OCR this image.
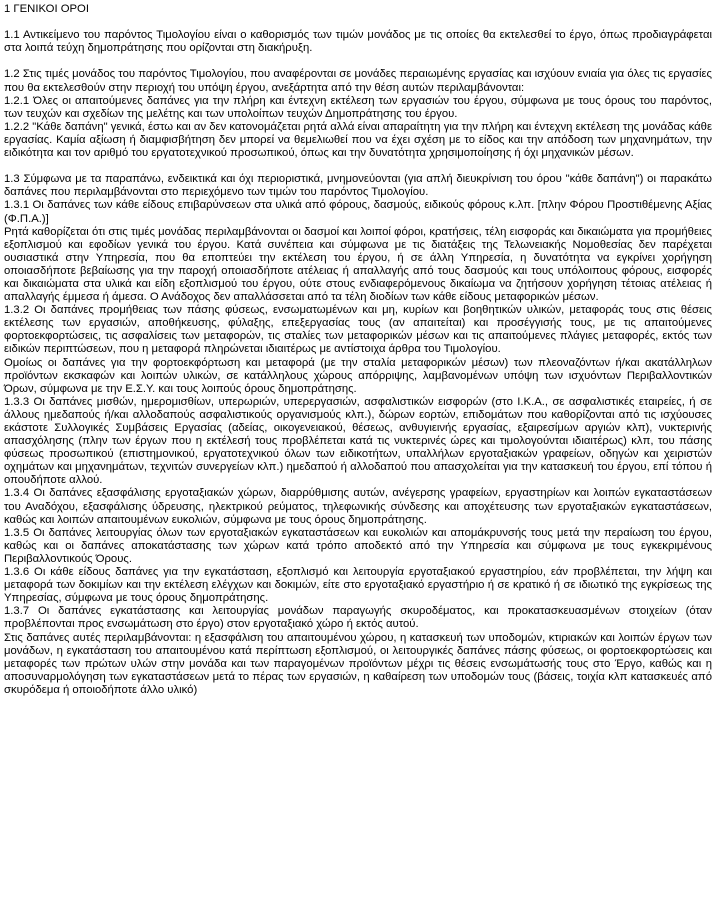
1 ΓΕΝΙΚΟΙ ΟΡΟΙ

1.1 Αντικείμενο του παρόντος Τιμολογίου είναι ο καθορισμός των τιμών μονάδος με τις οποίες θα εκτελεσθεί το έργο, όπως προδιαγράφεται στα λοιπά τεύχη δημοπράτησης που ορίζονται στη διακήρυξη.

1.2 Στις τιμές μονάδος του παρόντος Τιμολογίου, που αναφέρονται σε μονάδες περαιωμένης εργασίας και ισχύουν ενιαία για όλες τις εργασίες που θα εκτελεσθούν στην περιοχή του υπόψη έργου, ανεξάρτητα από την θέση αυτών περιλαμβάνονται:

1.2.1 Όλες οι απαιτούμενες δαπάνες για την πλήρη και έντεχνη εκτέλεση των εργασιών του έργου, σύμφωνα με τους όρους του παρόντος, των τευχών και σχεδίων της μελέτης και των υπολοίπων τευχών Δημοπράτησης του έργου.

1.2.2 "Κάθε δαπάνη" γενικά, έστω και αν δεν κατονομάζεται ρητά αλλά είναι απαραίτητη για την πλήρη και έντεχνη εκτέλεση της μονάδας κάθε εργασίας. Καμία αξίωση ή διαμφισβήτηση δεν μπορεί να θεμελιωθεί που να έχει σχέση με το είδος και την απόδοση των μηχανημάτων, την ειδικότητα και τον αριθμό του εργατοτεχνικού προσωπικού, όπως και την δυνατότητα χρησιμοποίησης ή όχι μηχανικών μέσων.

1.3 Σύμφωνα με τα παραπάνω, ενδεικτικά και όχι περιοριστικά, μνημονεύονται (για απλή διευκρίνιση του όρου "κάθε δαπάνη") οι παρακάτω δαπάνες που περιλαμβάνονται στο περιεχόμενο των τιμών του παρόντος Τιμολογίου.

1.3.1 Οι δαπάνες των κάθε είδους επιβαρύνσεων στα υλικά από φόρους, δασμούς, ειδικούς φόρους κ.λπ. [πλην Φόρου Προστιθέμενης Αξίας (Φ.Π.Α.)]

Ρητά καθορίζεται ότι στις τιμές μονάδας περιλαμβάνονται οι δασμοί και λοιποί φόροι, κρατήσεις, τέλη εισφοράς και δικαιώματα για προμήθειες εξοπλισμού και εφοδίων γενικά του έργου. Κατά συνέπεια και σύμφωνα με τις διατάξεις της Τελωνειακής Νομοθεσίας δεν παρέχεται ουσιαστικά στην Υπηρεσία, που θα εποπτεύει την εκτέλεση του έργου, ή σε άλλη Υπηρεσία, η δυνατότητα να εγκρίνει χορήγηση οποιασδήποτε βεβαίωσης για την παροχή οποιασδήποτε ατέλειας ή απαλλαγής από τους δασμούς και τους υπόλοιπους φόρους, εισφορές και δικαιώματα στα υλικά και είδη εξοπλισμού του έργου, ούτε στους ενδιαφερόμενους δικαίωμα να ζητήσουν χορήγηση τέτοιας ατέλειας ή απαλλαγής έμμεσα ή άμεσα. Ο Ανάδοχος δεν απαλλάσσεται από τα τέλη διοδίων των κάθε είδους μεταφορικών μέσων.

1.3.2 Οι δαπάνες προμήθειας των πάσης φύσεως, ενσωματωμένων και μη, κυρίων και βοηθητικών υλικών, μεταφοράς τους στις θέσεις εκτέλεσης των εργασιών, αποθήκευσης, φύλαξης, επεξεργασίας τους (αν απαιτείται) και προσέγγισής τους, με τις απαιτούμενες φορτοεκφορτώσεις, τις ασφαλίσεις των μεταφορών, τις σταλίες των μεταφορικών μέσων και τις απαιτούμενες πλάγιες μεταφορές, εκτός των ειδικών περιπτώσεων, που η μεταφορά πληρώνεται ιδιαιτέρως με αντίστοιχα άρθρα του Τιμολογίου.

Ομοίως οι δαπάνες για την φορτοεκφόρτωση και μεταφορά (με την σταλία μεταφορικών μέσων) των πλεοναζόντων ή/και ακατάλληλων προϊόντων εκσκαφών και λοιπών υλικών, σε κατάλληλους χώρους απόρριψης, λαμβανομένων υπόψη των ισχυόντων Περιβαλλοντικών Όρων, σύμφωνα με την Ε.Σ.Υ. και τους λοιπούς όρους δημοπράτησης.

1.3.3 Οι δαπάνες μισθών, ημερομισθίων, υπερωριών, υπερεργασιών, ασφαλιστικών εισφορών (στο Ι.Κ.Α., σε ασφαλιστικές εταιρείες, ή σε άλλους ημεδαπούς ή/και αλλοδαπούς ασφαλιστικούς οργανισμούς κλπ.), δώρων εορτών, επιδομάτων που καθορίζονται από τις ισχύουσες εκάστοτε Συλλογικές Συμβάσεις Εργασίας (αδείας, οικογενειακού, θέσεως, ανθυγιεινής εργασίας, εξαιρεσίμων αργιών κλπ), νυκτερινής απασχόλησης (πλην των έργων που η εκτέλεσή τους προβλέπεται κατά τις νυκτερινές ώρες και τιμολογούνται ιδιαιτέρως) κλπ, του πάσης φύσεως προσωπικού (επιστημονικού, εργατοτεχνικού όλων των ειδικοτήτων, υπαλλήλων εργοταξιακών γραφείων, οδηγών και χειριστών οχημάτων και μηχανημάτων, τεχνιτών συνεργείων κλπ.) ημεδαπού ή αλλοδαπού που απασχολείται για την κατασκευή του έργου, επί τόπου ή οπουδήποτε αλλού.

1.3.4 Οι δαπάνες εξασφάλισης εργοταξιακών χώρων, διαρρύθμισης αυτών, ανέγερσης γραφείων, εργαστηρίων και λοιπών εγκαταστάσεων του Αναδόχου, εξασφάλισης ύδρευσης, ηλεκτρικού ρεύματος, τηλεφωνικής σύνδεσης και αποχέτευσης των εργοταξιακών εγκαταστάσεων, καθώς και λοιπών απαιτουμένων ευκολιών, σύμφωνα με τους όρους δημοπράτησης.

1.3.5 Οι δαπάνες λειτουργίας όλων των εργοταξιακών εγκαταστάσεων και ευκολιών και απομάκρυνσής τους μετά την περαίωση του έργου, καθώς και οι δαπάνες αποκατάστασης των χώρων κατά τρόπο αποδεκτό από την Υπηρεσία και σύμφωνα με τους εγκεκριμένους Περιβαλλοντικούς Όρους.

1.3.6 Οι κάθε είδους δαπάνες για την εγκατάσταση, εξοπλισμό και λειτουργία εργοταξιακού εργαστηρίου, εάν προβλέπεται, την λήψη και μεταφορά των δοκιμίων και την εκτέλεση ελέγχων και δοκιμών, είτε στο εργοταξιακό εργαστήριο ή σε κρατικό ή σε ιδιωτικό της εγκρίσεως της Υπηρεσίας, σύμφωνα με τους όρους δημοπράτησης.

1.3.7 Οι δαπάνες εγκατάστασης και λειτουργίας μονάδων παραγωγής σκυροδέματος, και προκατασκευασμένων στοιχείων (όταν προβλέπονται προς ενσωμάτωση στο έργο) στον εργοταξιακό χώρο ή εκτός αυτού.

Στις δαπάνες αυτές περιλαμβάνονται: η εξασφάλιση του απαιτουμένου χώρου, η κατασκευή των υποδομών, κτιριακών και λοιπών έργων των μονάδων, η εγκατάσταση του απαιτουμένου κατά περίπτωση εξοπλισμού, οι λειτουργικές δαπάνες πάσης φύσεως, οι φορτοεκφορτώσεις και μεταφορές των πρώτων υλών στην μονάδα και των παραγομένων προϊόντων μέχρι τις θέσεις ενσωμάτωσής τους στο Έργο, καθώς και η αποσυναρμολόγηση των εγκαταστάσεων μετά το πέρας των εργασιών, η καθαίρεση των υποδομών τους (βάσεις, τοιχία κλπ κατασκευές από σκυρόδεμα ή οποιοδήποτε άλλο υλικό)
